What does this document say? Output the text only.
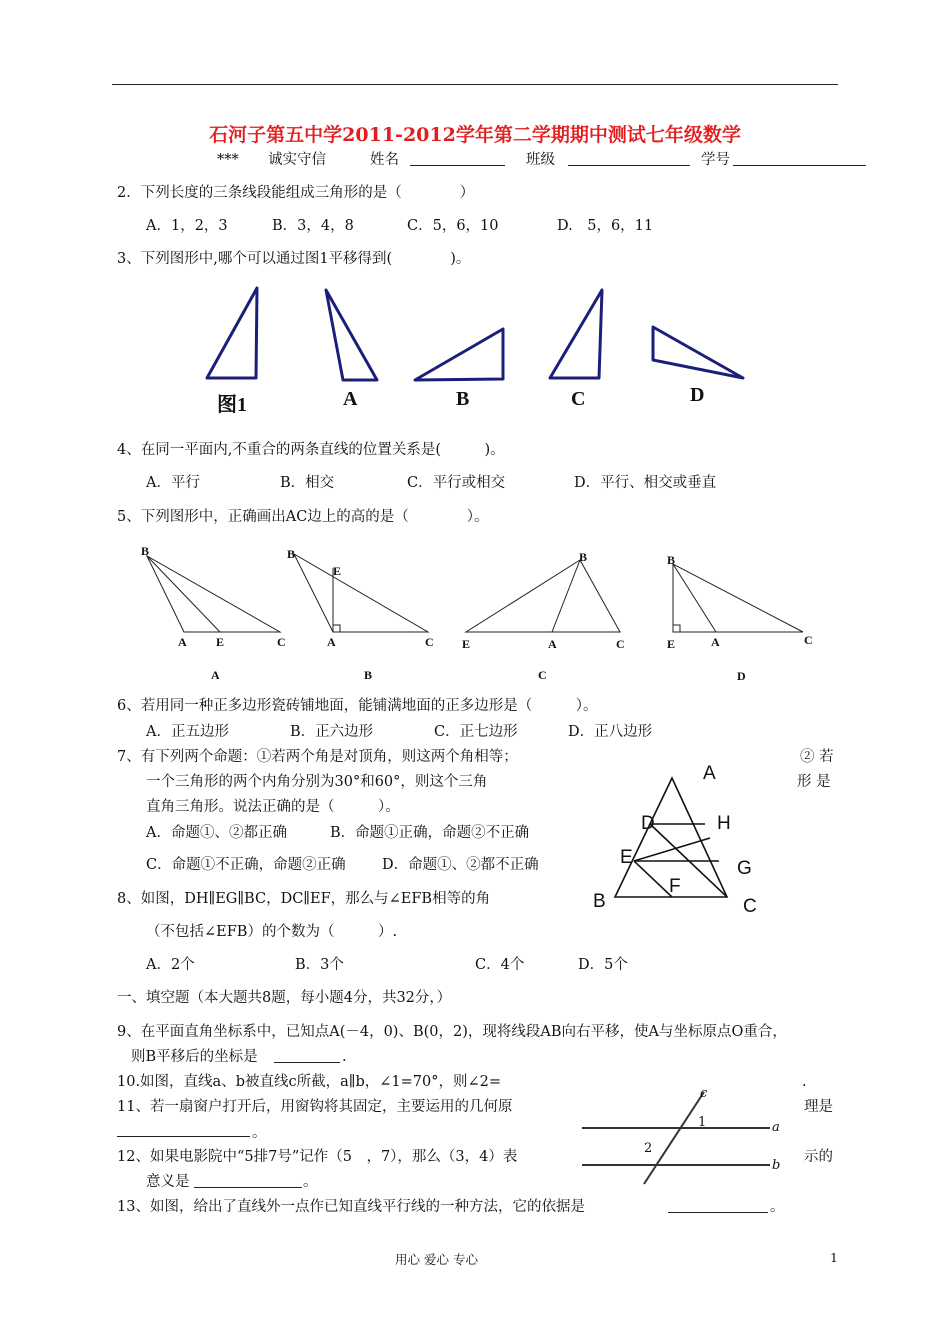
石河子第五中学2011-2012学年第二学期期中测试七年级数学
*** 诚实守信	姓名	班级	学号
2．下列长度的三条线段能组成三角形的是（　　　　）
A．1，2，3	B．3，4，8	C．5，6，10	D.　5，6，11
3、下列图形中,哪个可以通过图1平移得到(　　　　)。
图1	A	B	C	D
4、在同一平面内,不重合的两条直线的位置关系是(　　　)。
A．平行	B．相交	C．平行或相交	D．平行、相交或垂直
5、下列图形中，正确画出AC边上的高的是（　　　　）。
B
A E	C
A
B
E
A	C
B
B
E	A	C
C
B
E	A	C
D
6、若用同一种正多边形瓷砖铺地面，能铺满地面的正多边形是（　　　）。
A．正五边形	B．正六边形	C．正七边形	D．正八边形
7、有下列两个命题：①若两个角是对顶角，则这两个角相等；	② 若
一个三角形的两个内角分别为30°和60°，则这个三角	形 是
直角三角形。说法正确的是（　　　）。
A．命题①、②都正确	B．命题①正确，命题②不正确
C．命题①不正确，命题②正确	D．命题①、②都不正确
A
D	H
E
G
F
B	C
8、如图，DH∥EG∥BC，DC∥EF，那么与∠EFB相等的角
（不包括∠EFB）的个数为（　　　）.
A．2个	B．3个	C．4个	D．5个
一、填空题（本大题共8题，每小题4分，共32分，）
9、在平面直角坐标系中，已知点A(－4，0)、B(0，2)，现将线段AB向右平移，使A与坐标原点O重合，
则B平移后的坐标是	.
10.如图，直线a、b被直线c所截，a∥b，∠1=70°，则∠2=	.
c
1	a
2
b
11、若一扇窗户打开后，用窗钩将其固定，主要运用的几何原	理是
。
12、如果电影院中“5排7号”记作（5　，7），那么（3，4）表	示的
意义是	。
13、如图，给出了直线外一点作已知直线平行线的一种方法，它的依据是	。
用心 爱心 专心	1
